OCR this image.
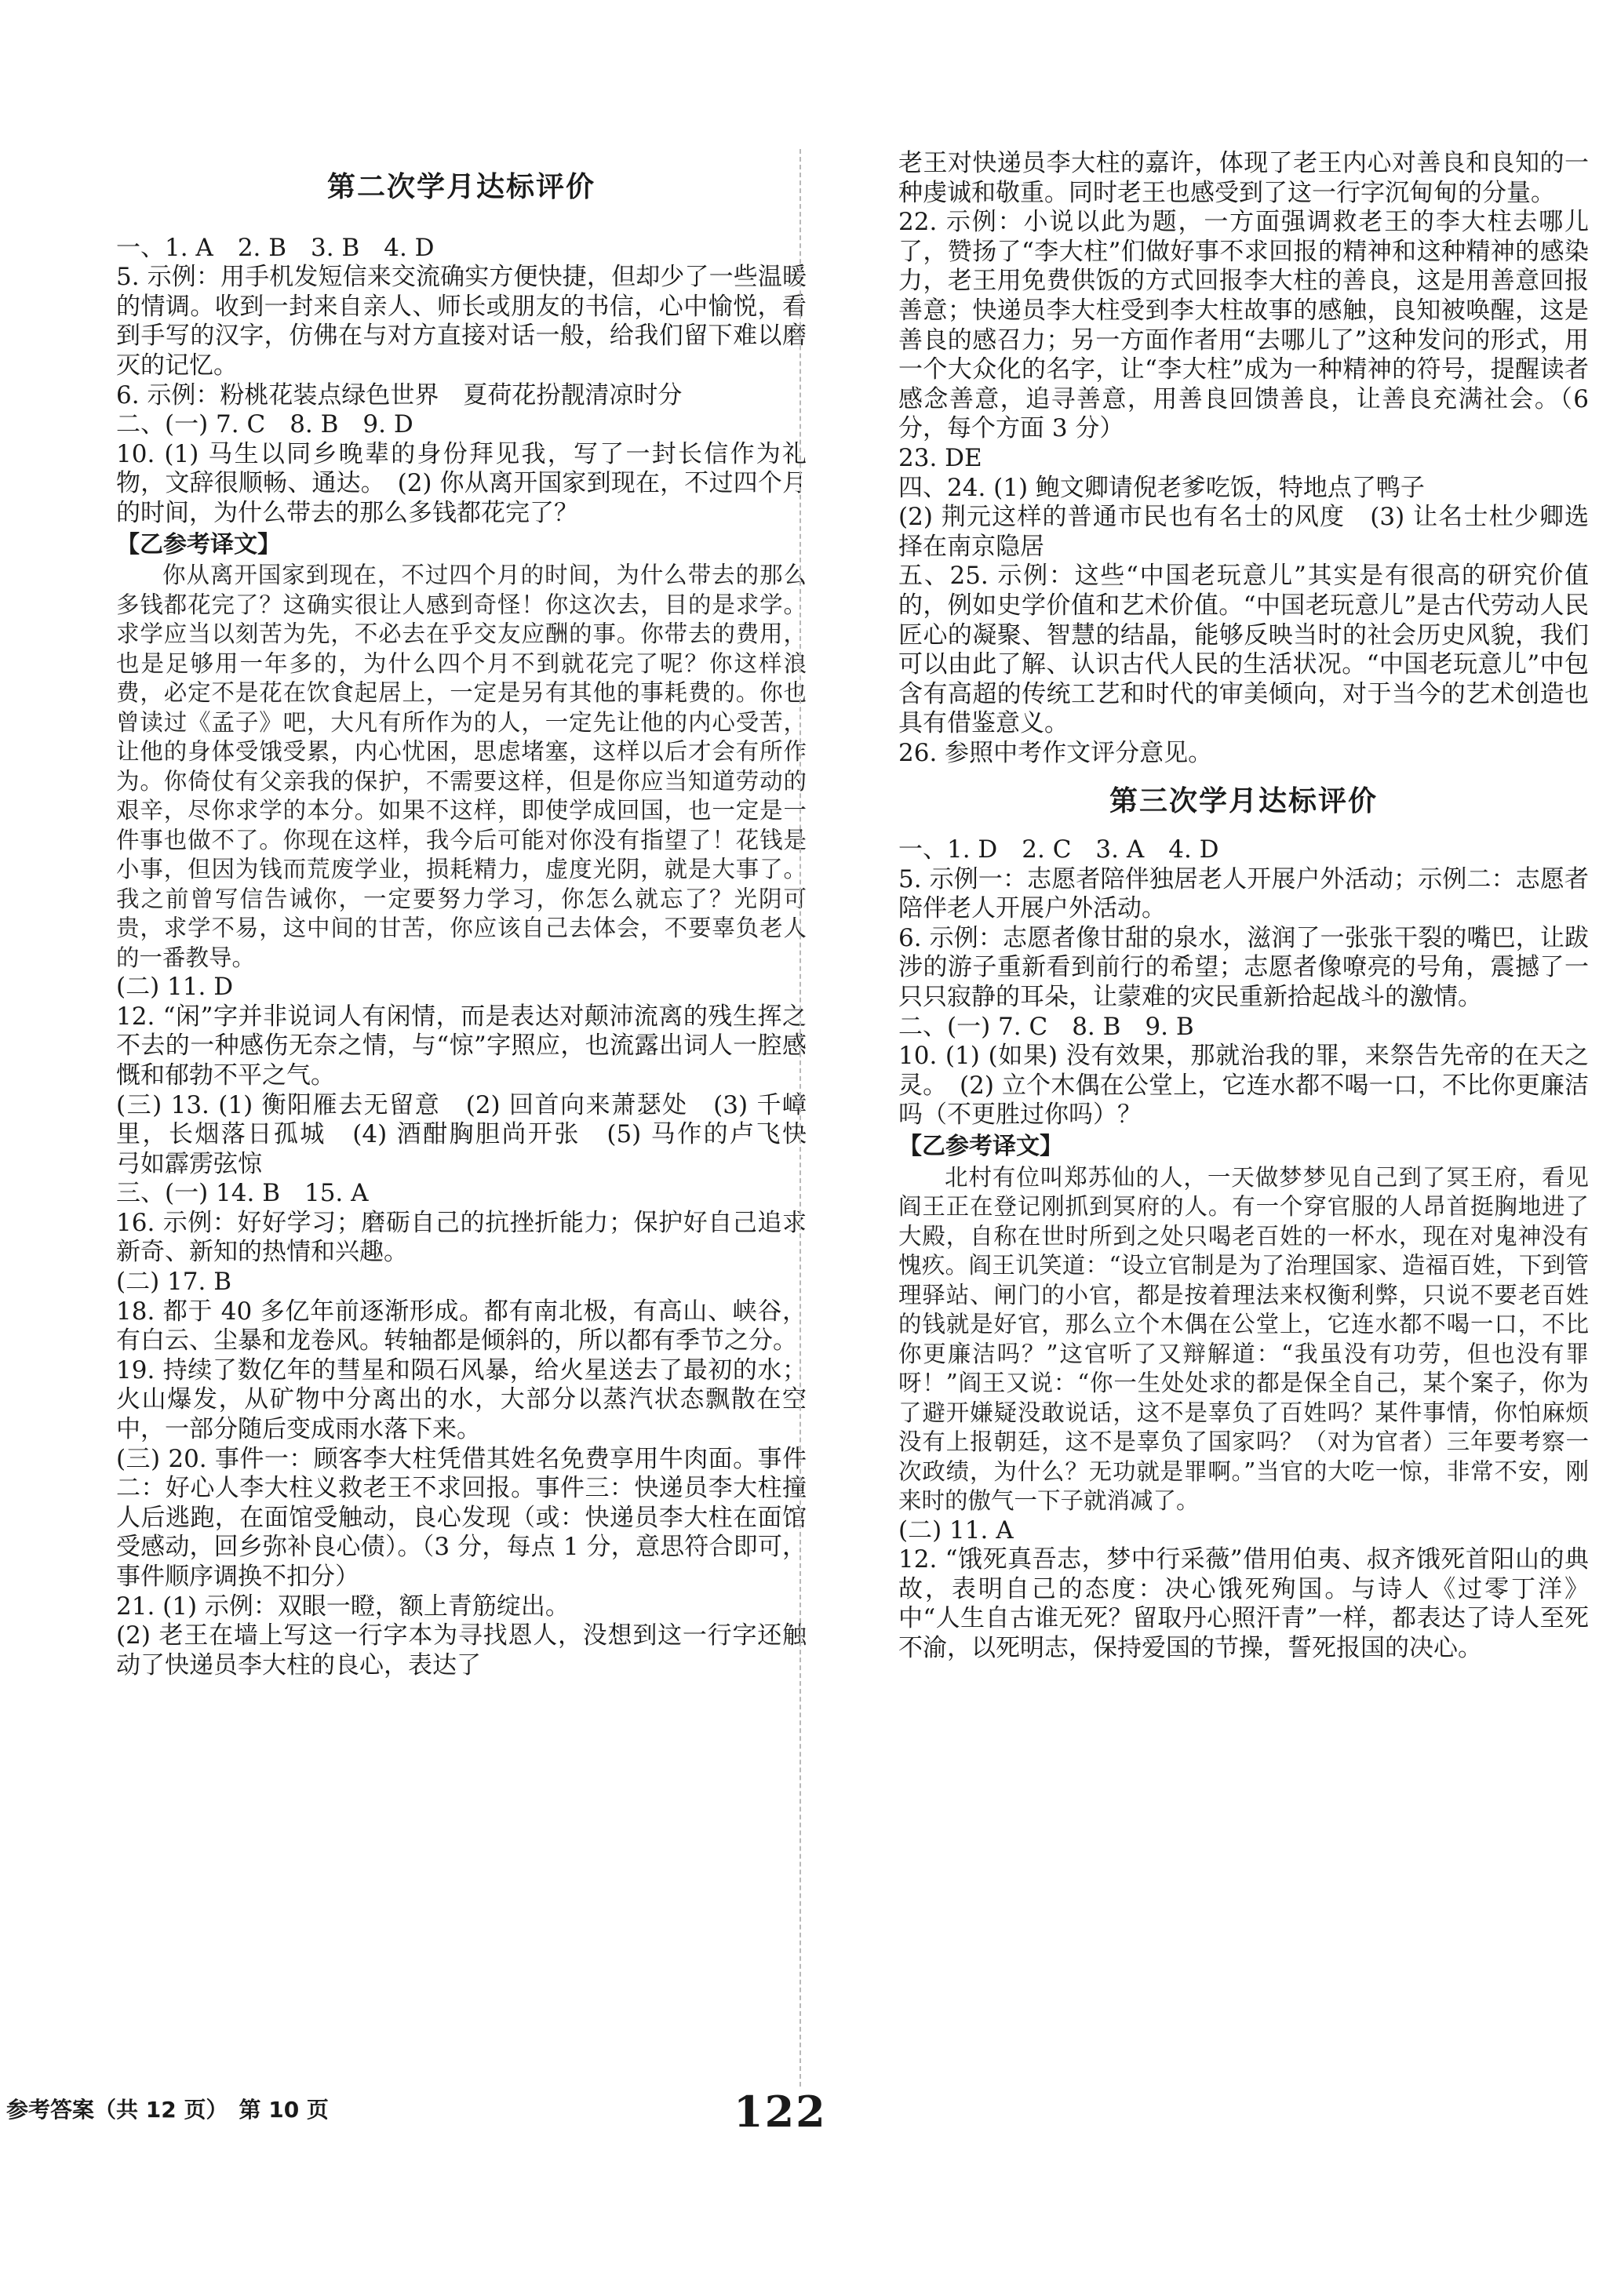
第二次学月达标评价

一、1. A　2. B　3. B　4. D

5. 示例：用手机发短信来交流确实方便快捷，但却少了一些温暖的情调。收到一封来自亲人、师长或朋友的书信，心中愉悦，看到手写的汉字，仿佛在与对方直接对话一般，给我们留下难以磨灭的记忆。

6. 示例：粉桃花装点绿色世界　夏荷花扮靓清凉时分

二、(一) 7. C　8. B　9. D

10. (1) 马生以同乡晚辈的身份拜见我，写了一封长信作为礼物，文辞很顺畅、通达。　(2) 你从离开国家到现在，不过四个月的时间，为什么带去的那么多钱都花完了？

【乙参考译文】

你从离开国家到现在，不过四个月的时间，为什么带去的那么多钱都花完了？这确实很让人感到奇怪！你这次去，目的是求学。求学应当以刻苦为先，不必去在乎交友应酬的事。你带去的费用，也是足够用一年多的，为什么四个月不到就花完了呢？你这样浪费，必定不是花在饮食起居上，一定是另有其他的事耗费的。你也曾读过《孟子》吧，大凡有所作为的人，一定先让他的内心受苦，让他的身体受饿受累，内心忧困，思虑堵塞，这样以后才会有所作为。你倚仗有父亲我的保护，不需要这样，但是你应当知道劳动的艰辛，尽你求学的本分。如果不这样，即使学成回国，也一定是一件事也做不了。你现在这样，我今后可能对你没有指望了！花钱是小事，但因为钱而荒废学业，损耗精力，虚度光阴，就是大事了。我之前曾写信告诫你，一定要努力学习，你怎么就忘了？光阴可贵，求学不易，这中间的甘苦，你应该自己去体会，不要辜负老人的一番教导。

(二) 11. D

12. “闲”字并非说词人有闲情，而是表达对颠沛流离的残生挥之不去的一种感伤无奈之情，与“惊”字照应，也流露出词人一腔感慨和郁勃不平之气。

(三) 13. (1) 衡阳雁去无留意　(2) 回首向来萧瑟处　(3) 千嶂里，长烟落日孤城　(4) 酒酣胸胆尚开张　(5) 马作的卢飞快　弓如霹雳弦惊

三、(一) 14. B　15. A

16. 示例：好好学习；磨砺自己的抗挫折能力；保护好自己追求新奇、新知的热情和兴趣。

(二) 17. B

18. 都于 40 多亿年前逐渐形成。都有南北极，有高山、峡谷，有白云、尘暴和龙卷风。转轴都是倾斜的，所以都有季节之分。

19. 持续了数亿年的彗星和陨石风暴，给火星送去了最初的水；火山爆发，从矿物中分离出的水，大部分以蒸汽状态飘散在空中，一部分随后变成雨水落下来。

(三) 20. 事件一：顾客李大柱凭借其姓名免费享用牛肉面。事件二：好心人李大柱义救老王不求回报。事件三：快递员李大柱撞人后逃跑，在面馆受触动，良心发现（或：快递员李大柱在面馆受感动，回乡弥补良心债）。（3 分，每点 1 分，意思符合即可，事件顺序调换不扣分）

21. (1) 示例：双眼一瞪，额上青筋绽出。

(2) 老王在墙上写这一行字本为寻找恩人，没想到这一行字还触动了快递员李大柱的良心，表达了

老王对快递员李大柱的嘉许，体现了老王内心对善良和良知的一种虔诚和敬重。同时老王也感受到了这一行字沉甸甸的分量。

22. 示例：小说以此为题，一方面强调救老王的李大柱去哪儿了，赞扬了“李大柱”们做好事不求回报的精神和这种精神的感染力，老王用免费供饭的方式回报李大柱的善良，这是用善意回报善意；快递员李大柱受到李大柱故事的感触，良知被唤醒，这是善良的感召力；另一方面作者用“去哪儿了”这种发问的形式，用一个大众化的名字，让“李大柱”成为一种精神的符号，提醒读者感念善意，追寻善意，用善良回馈善良，让善良充满社会。（6 分，每个方面 3 分）

23. DE

四、24. (1) 鲍文卿请倪老爹吃饭，特地点了鸭子

(2) 荆元这样的普通市民也有名士的风度　(3) 让名士杜少卿选择在南京隐居

五、25. 示例：这些“中国老玩意儿”其实是有很高的研究价值的，例如史学价值和艺术价值。“中国老玩意儿”是古代劳动人民匠心的凝聚、智慧的结晶，能够反映当时的社会历史风貌，我们可以由此了解、认识古代人民的生活状况。“中国老玩意儿”中包含有高超的传统工艺和时代的审美倾向，对于当今的艺术创造也具有借鉴意义。

26. 参照中考作文评分意见。

第三次学月达标评价

一、1. D　2. C　3. A　4. D

5. 示例一：志愿者陪伴独居老人开展户外活动；示例二：志愿者陪伴老人开展户外活动。

6. 示例：志愿者像甘甜的泉水，滋润了一张张干裂的嘴巴，让跋涉的游子重新看到前行的希望；志愿者像嘹亮的号角，震撼了一只只寂静的耳朵，让蒙难的灾民重新拾起战斗的激情。

二、(一) 7. C　8. B　9. B

10. (1) (如果) 没有效果，那就治我的罪，来祭告先帝的在天之灵。　(2) 立个木偶在公堂上，它连水都不喝一口，不比你更廉洁吗（不更胜过你吗）？

【乙参考译文】

北村有位叫郑苏仙的人，一天做梦梦见自己到了冥王府，看见阎王正在登记刚抓到冥府的人。有一个穿官服的人昂首挺胸地进了大殿，自称在世时所到之处只喝老百姓的一杯水，现在对鬼神没有愧疚。阎王讥笑道：“设立官制是为了治理国家、造福百姓，下到管理驿站、闸门的小官，都是按着理法来权衡利弊，只说不要老百姓的钱就是好官，那么立个木偶在公堂上，它连水都不喝一口，不比你更廉洁吗？”这官听了又辩解道：“我虽没有功劳，但也没有罪呀！”阎王又说：“你一生处处求的都是保全自己，某个案子，你为了避开嫌疑没敢说话，这不是辜负了百姓吗？某件事情，你怕麻烦没有上报朝廷，这不是辜负了国家吗？（对为官者）三年要考察一次政绩，为什么？无功就是罪啊。”当官的大吃一惊，非常不安，刚来时的傲气一下子就消减了。

(二) 11. A

12. “饿死真吾志，梦中行采薇”借用伯夷、叔齐饿死首阳山的典故，表明自己的态度：决心饿死殉国。与诗人《过零丁洋》中“人生自古谁无死？留取丹心照汗青”一样，都表达了诗人至死不渝，以死明志，保持爱国的节操，誓死报国的决心。

参考答案（共 12 页）　第 10 页	122
